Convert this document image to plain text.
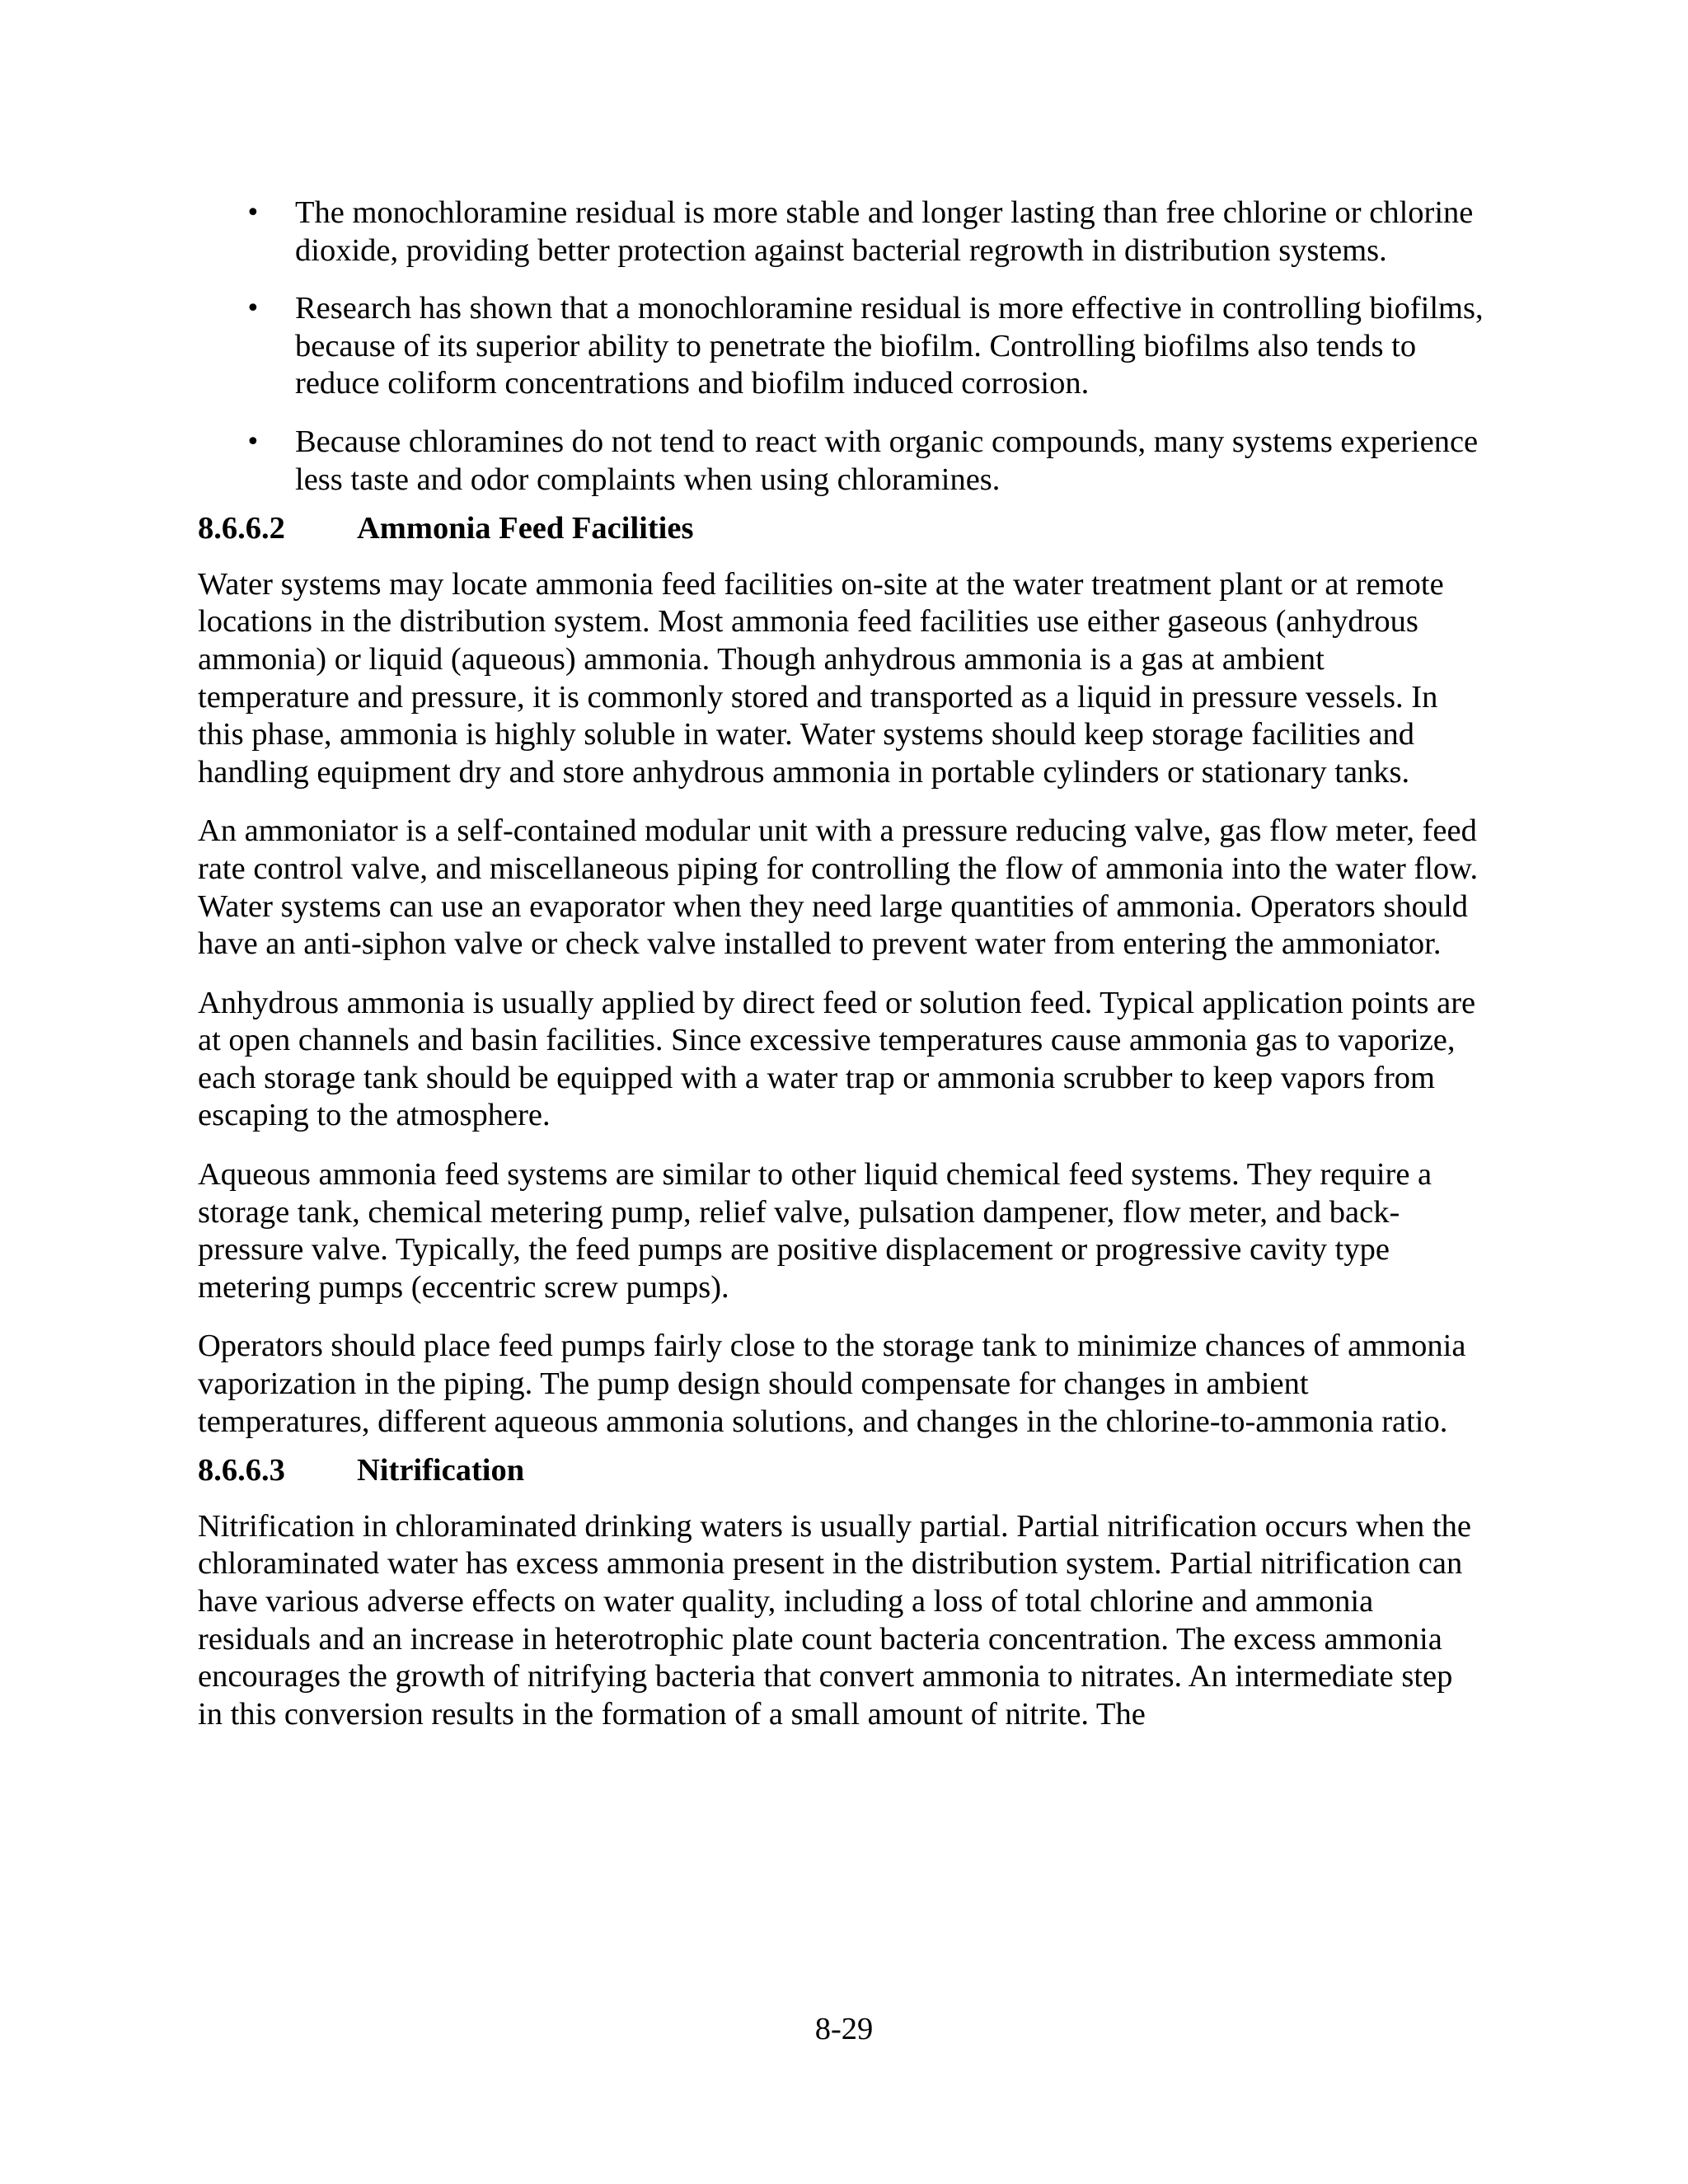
• The monochloramine residual is more stable and longer lasting than free chlorine or chlorine dioxide, providing better protection against bacterial regrowth in distribution systems.
• Research has shown that a monochloramine residual is more effective in controlling biofilms, because of its superior ability to penetrate the biofilm. Controlling biofilms also tends to reduce coliform concentrations and biofilm induced corrosion.
• Because chloramines do not tend to react with organic compounds, many systems experience less taste and odor complaints when using chloramines.
8.6.6.2 Ammonia Feed Facilities

Water systems may locate ammonia feed facilities on-site at the water treatment plant or at remote locations in the distribution system. Most ammonia feed facilities use either gaseous (anhydrous ammonia) or liquid (aqueous) ammonia. Though anhydrous ammonia is a gas at ambient temperature and pressure, it is commonly stored and transported as a liquid in pressure vessels. In this phase, ammonia is highly soluble in water. Water systems should keep storage facilities and handling equipment dry and store anhydrous ammonia in portable cylinders or stationary tanks.

An ammoniator is a self-contained modular unit with a pressure reducing valve, gas flow meter, feed rate control valve, and miscellaneous piping for controlling the flow of ammonia into the water flow. Water systems can use an evaporator when they need large quantities of ammonia. Operators should have an anti-siphon valve or check valve installed to prevent water from entering the ammoniator.

Anhydrous ammonia is usually applied by direct feed or solution feed. Typical application points are at open channels and basin facilities. Since excessive temperatures cause ammonia gas to vaporize, each storage tank should be equipped with a water trap or ammonia scrubber to keep vapors from escaping to the atmosphere.

Aqueous ammonia feed systems are similar to other liquid chemical feed systems. They require a storage tank, chemical metering pump, relief valve, pulsation dampener, flow meter, and back-pressure valve. Typically, the feed pumps are positive displacement or progressive cavity type metering pumps (eccentric screw pumps).

Operators should place feed pumps fairly close to the storage tank to minimize chances of ammonia vaporization in the piping. The pump design should compensate for changes in ambient temperatures, different aqueous ammonia solutions, and changes in the chlorine-to-ammonia ratio.

8.6.6.3 Nitrification

Nitrification in chloraminated drinking waters is usually partial. Partial nitrification occurs when the chloraminated water has excess ammonia present in the distribution system. Partial nitrification can have various adverse effects on water quality, including a loss of total chlorine and ammonia residuals and an increase in heterotrophic plate count bacteria concentration. The excess ammonia encourages the growth of nitrifying bacteria that convert ammonia to nitrates. An intermediate step in this conversion results in the formation of a small amount of nitrite. The

8-29
